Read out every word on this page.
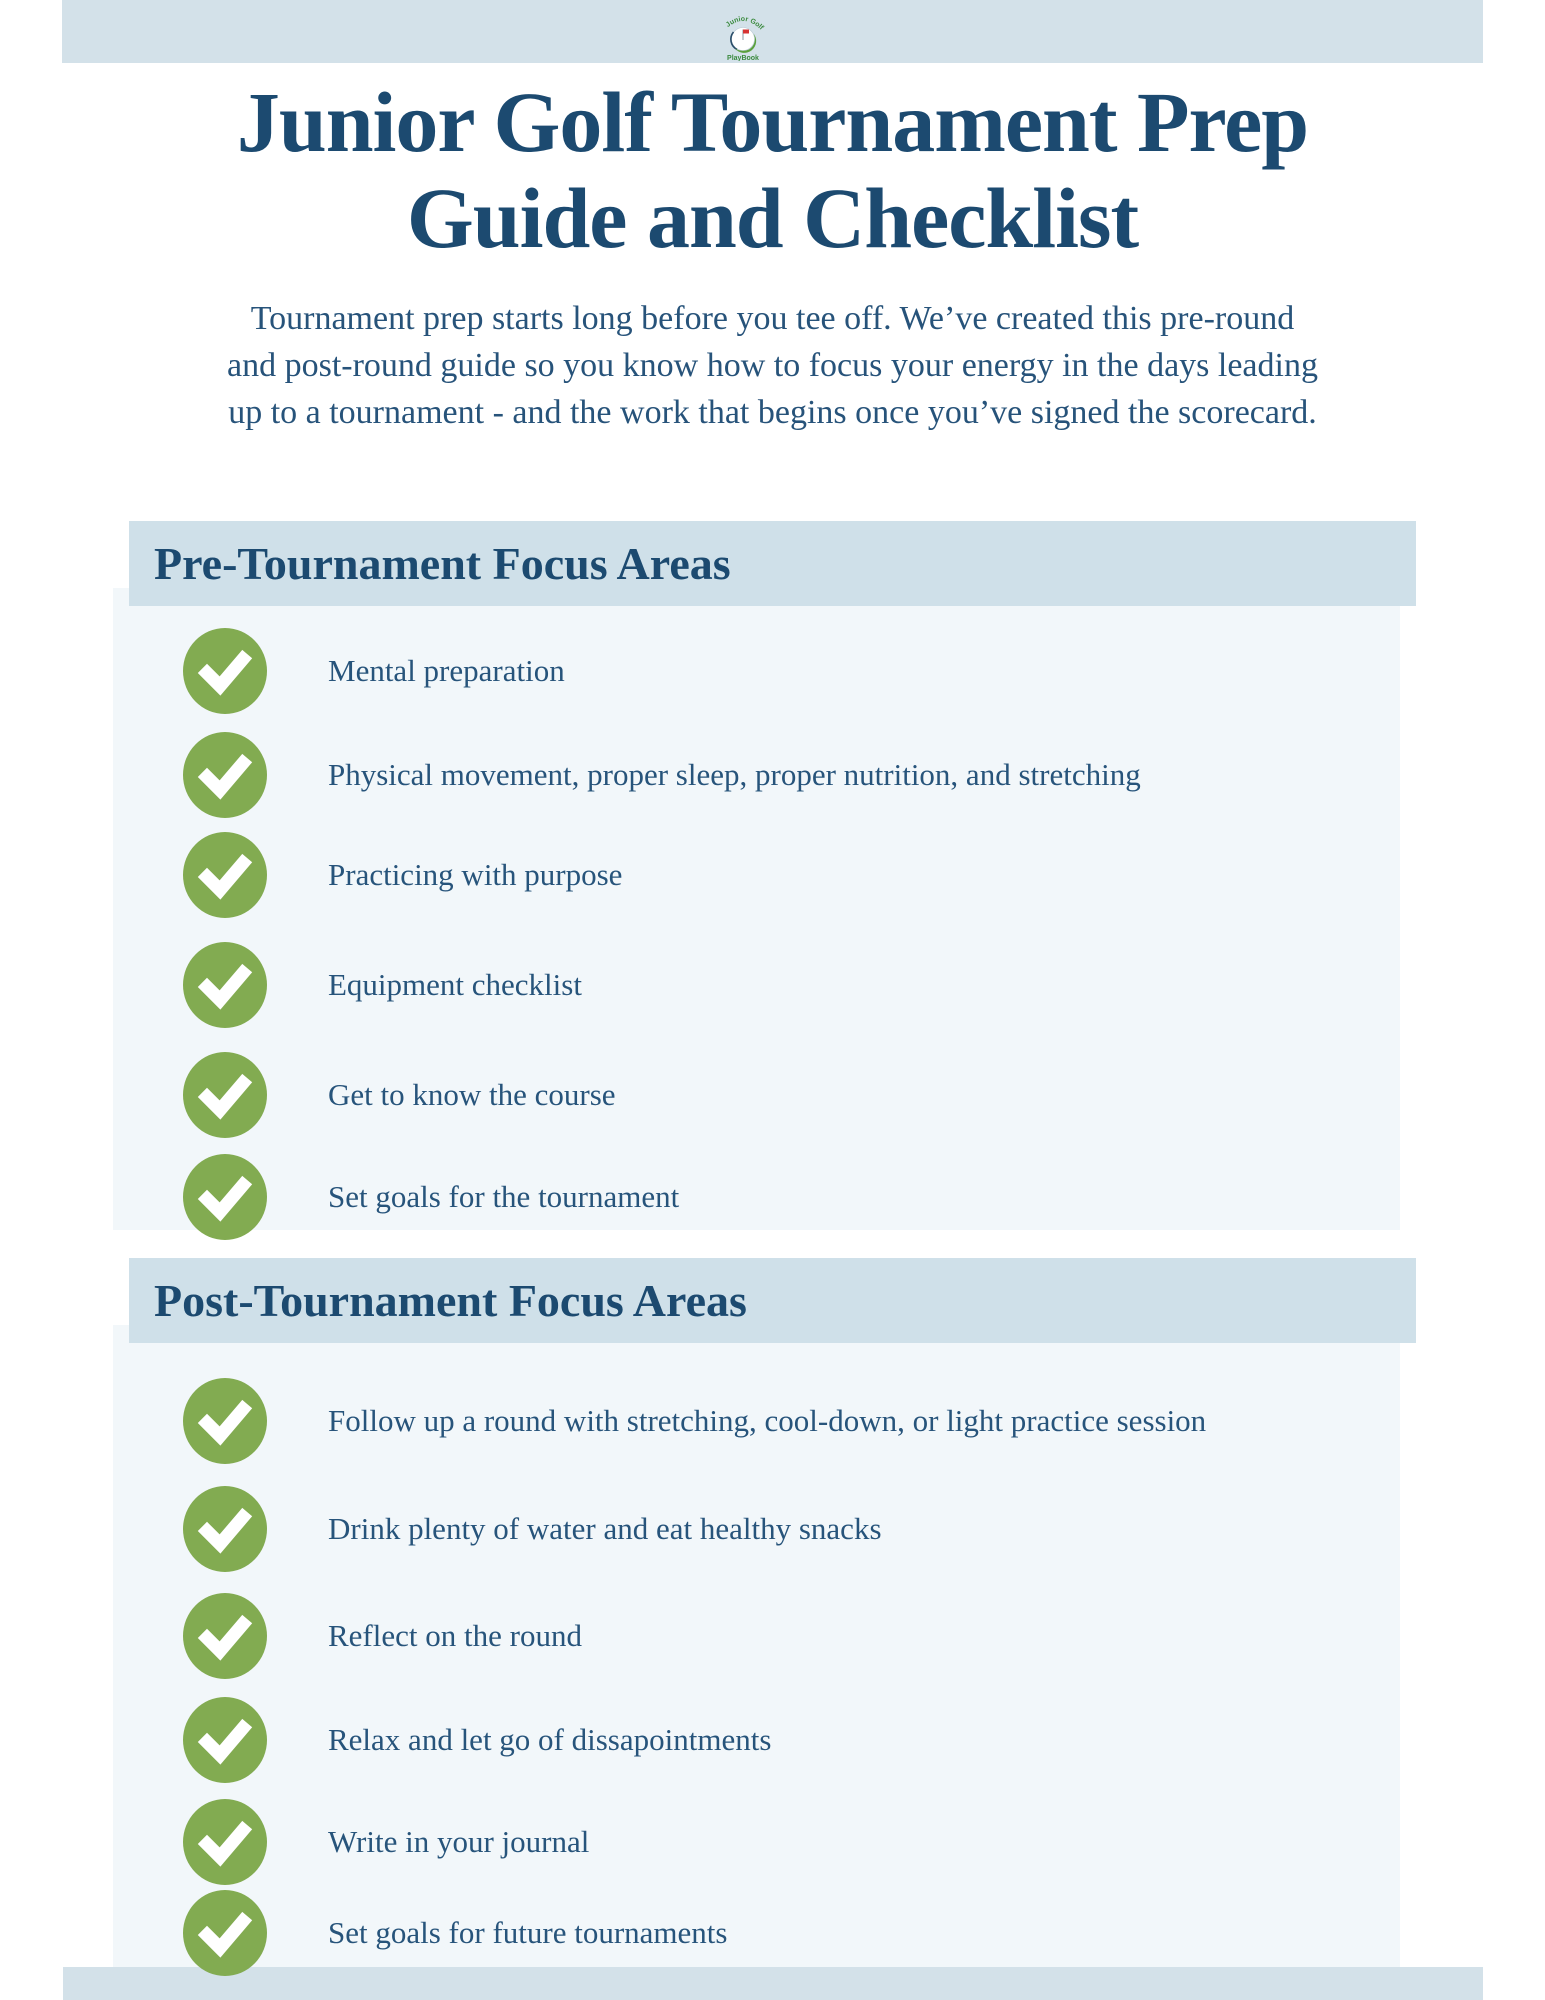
Junior Golf
PlayBook
Junior Golf Tournament Prep
Guide and Checklist
Tournament prep starts long before you tee off. We’ve created this pre-round
and post-round guide so you know how to focus your energy in the days leading
up to a tournament - and the work that begins once you’ve signed the scorecard.
Pre-Tournament Focus Areas
Mental preparation
Physical movement, proper sleep, proper nutrition, and stretching
Practicing with purpose
Equipment checklist
Get to know the course
Set goals for the tournament
Post-Tournament Focus Areas
Follow up a round with stretching, cool-down, or light practice session
Drink plenty of water and eat healthy snacks
Reflect on the round
Relax and let go of dissapointments
Write in your journal
Set goals for future tournaments
